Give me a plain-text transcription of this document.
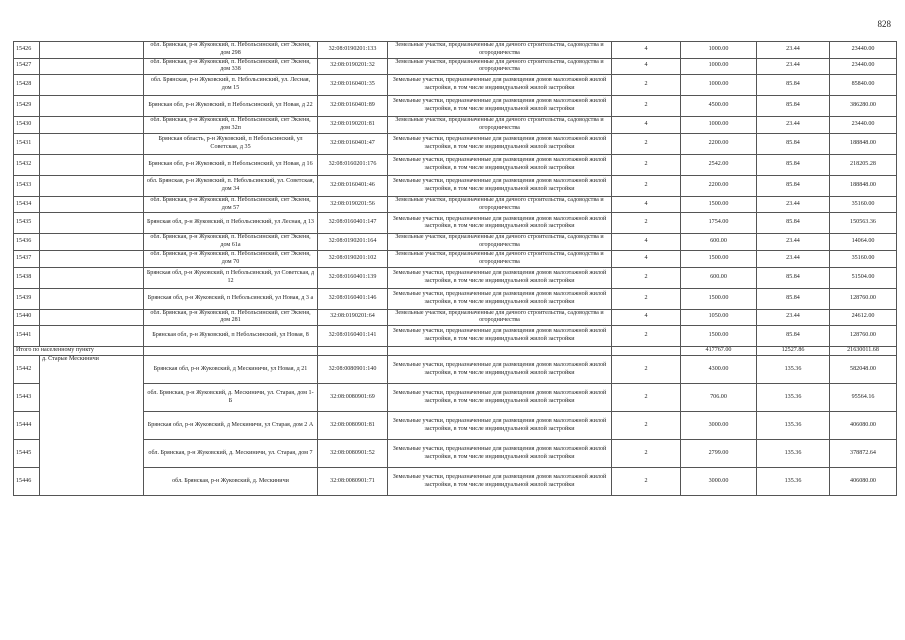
828
15426		обл. Брянская, р-н Жуковский, п. Небольсинский, снт Экзеня, дом 298	32:08:0190201:133	Земельные участки, предназначенные для дачного строительства, садоводства и огородничества	4	1000.00	23.44	23440.00
15427		обл. Брянская, р-н Жуковский, п. Небольсинский, снт Экзеня, дом 338	32:08:0190201:32	Земельные участки, предназначенные для дачного строительства, садоводства и огородничества	4	1000.00	23.44	23440.00
15428		обл. Брянская, р-н Жуковский, п. Небольсинский, ул. Лесная, дом 15	32:08:0160401:35	Земельные участки, предназначенные для размещения домов малоэтажной жилой застройки, в том числе индивидуальной жилой застройки	2	1000.00	85.84	85840.00
15429		Брянская обл, р-н Жуковский, п Небольсинский, ул Новая, д 22	32:08:0160401:89	Земельные участки, предназначенные для размещения домов малоэтажной жилой застройки, в том числе индивидуальной жилой застройки	2	4500.00	85.84	386280.00
15430		обл. Брянская, р-н Жуковский, п. Небольсинский, снт Экзеня, дом 32п	32:08:0190201:81	Земельные участки, предназначенные для дачного строительства, садоводства и огородничества	4	1000.00	23.44	23440.00
15431		Брянская область, р-н Жуковский, п Небольсинский, ул Советская, д 35	32:08:0160401:47	Земельные участки, предназначенные для размещения домов малоэтажной жилой застройки, в том числе индивидуальной жилой застройки	2	2200.00	85.84	188848.00
15432		Брянская обл, р-н Жуковский, п Небольсинский, ул Новая, д 16	32:08:0160201:176	Земельные участки, предназначенные для размещения домов малоэтажной жилой застройки, в том числе индивидуальной жилой застройки	2	2542.00	85.84	218205.28
15433		обл. Брянская, р-н Жуковский, п. Небольсинский, ул. Советская, дом 34	32:08:0160401:46	Земельные участки, предназначенные для размещения домов малоэтажной жилой застройки, в том числе индивидуальной жилой застройки	2	2200.00	85.84	188848.00
15434		обл. Брянская, р-н Жуковский, п. Небольсинский, снт Экзеня, дом 57	32:08:0190201:56	Земельные участки, предназначенные для дачного строительства, садоводства и огородничества	4	1500.00	23.44	35160.00
15435		Брянская обл, р-н Жуковский, п Небольсинский, ул Лесная, д 13	32:08:0160401:147	Земельные участки, предназначенные для размещения домов малоэтажной жилой застройки, в том числе индивидуальной жилой застройки	2	1754.00	85.84	150563.36
15436		обл. Брянская, р-н Жуковский, п. Небольсинский, снт Экзеня, дом 61а	32:08:0190201:164	Земельные участки, предназначенные для дачного строительства, садоводства и огородничества	4	600.00	23.44	14064.00
15437		обл. Брянская, р-н Жуковский, п. Небольсинский, снт Экзеня, дом 70	32:08:0190201:102	Земельные участки, предназначенные для дачного строительства, садоводства и огородничества	4	1500.00	23.44	35160.00
15438		Брянская обл, р-н Жуковский, п Небольсинский, ул Советская, д 12	32:08:0160401:139	Земельные участки, предназначенные для размещения домов малоэтажной жилой застройки, в том числе индивидуальной жилой застройки	2	600.00	85.84	51504.00
15439		Брянская обл, р-н Жуковский, п Небольсинский, ул Новая, д 3 а	32:08:0160401:146	Земельные участки, предназначенные для размещения домов малоэтажной жилой застройки, в том числе индивидуальной жилой застройки	2	1500.00	85.84	128760.00
15440		обл. Брянская, р-н Жуковский, п. Небольсинский, снт Экзеня, дом 281	32:08:0190201:64	Земельные участки, предназначенные для дачного строительства, садоводства и огородничества	4	1050.00	23.44	24612.00
15441		Брянская обл, р-н Жуковский, п Небольсинский, ул Новая, 8	32:08:0160401:141	Земельные участки, предназначенные для размещения домов малоэтажной жилой застройки, в том числе индивидуальной жилой застройки	2	1500.00	85.84	128760.00
Итого по населенному пункту						417767.00	12527.86	21630011.68
15442	д. Старые Мескиничи	Брянская обл, р-н Жуковский, д Мескиничи, ул Новая, д 21	32:08:0080901:140	Земельные участки, предназначенные для размещения домов малоэтажной жилой застройки, в том числе индивидуальной жилой застройки	2	4300.00	135.36	582048.00
15443		обл. Брянская, р-н Жуковский, д. Мескиничи, ул. Старая, дом 1-Б	32:08:0080901:69	Земельные участки, предназначенные для размещения домов малоэтажной жилой застройки, в том числе индивидуальной жилой застройки	2	706.00	135.36	95564.16
15444		Брянская обл, р-н Жуковский, д Мескиничи, ул Старая, дом 2 А	32:08:0080901:81	Земельные участки, предназначенные для размещения домов малоэтажной жилой застройки, в том числе индивидуальной жилой застройки	2	3000.00	135.36	406080.00
15445		обл. Брянская, р-н Жуковский, д. Мескиничи, ул. Старая, дом 7	32:08:0080901:52	Земельные участки, предназначенные для размещения домов малоэтажной жилой застройки, в том числе индивидуальной жилой застройки	2	2799.00	135.36	378872.64
15446		обл. Брянская, р-н Жуковский, д. Мескиничи	32:08:0080901:71	Земельные участки, предназначенные для размещения домов малоэтажной жилой застройки, в том числе индивидуальной жилой застройки	2	3000.00	135.36	406080.00
